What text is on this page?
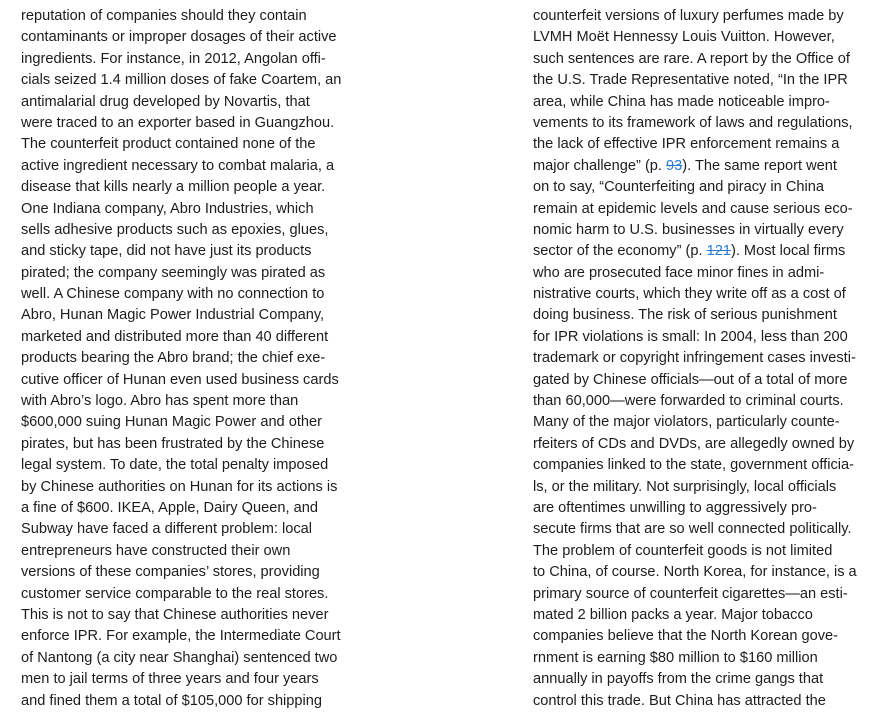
reputation of companies should they contain
contaminants or improper dosages of their active
ingredients. For instance, in 2012, Angolan offi-
cials seized 1.4 million doses of fake Coartem, an
antimalarial drug developed by Novartis, that
were traced to an exporter based in Guangzhou.
The counterfeit product contained none of the
active ingredient necessary to combat malaria, a
disease that kills nearly a million people a year.
One Indiana company, Abro Industries, which
sells adhesive products such as epoxies, glues,
and sticky tape, did not have just its products
pirated; the company seemingly was pirated as
well. A Chinese company with no connection to
Abro, Hunan Magic Power Industrial Company,
marketed and distributed more than 40 different
products bearing the Abro brand; the chief exe-
cutive officer of Hunan even used business cards
with Abro’s logo. Abro has spent more than
$600,000 suing Hunan Magic Power and other
pirates, but has been frustrated by the Chinese
legal system. To date, the total penalty imposed
by Chinese authorities on Hunan for its actions is
a fine of $600. IKEA, Apple, Dairy Queen, and
Subway have faced a different problem: local
entrepreneurs have constructed their own
versions of these companies’ stores, providing
customer service comparable to the real stores.
This is not to say that Chinese authorities never
enforce IPR. For example, the Intermediate Court
of Nantong (a city near Shanghai) sentenced two
men to jail terms of three years and four years
and fined them a total of $105,000 for shipping
counterfeit versions of luxury perfumes made by
LVMH Moët Hennessy Louis Vuitton. However,
such sentences are rare. A report by the Office of
the U.S. Trade Representative noted, “In the IPR
area, while China has made noticeable impro-
vements to its framework of laws and regulations,
the lack of effective IPR enforcement remains a
major challenge” (p. 93). The same report went
on to say, “Counterfeiting and piracy in China
remain at epidemic levels and cause serious eco-
nomic harm to U.S. businesses in virtually every
sector of the economy” (p. 121). Most local firms
who are prosecuted face minor fines in admi-
nistrative courts, which they write off as a cost of
doing business. The risk of serious punishment
for IPR violations is small: In 2004, less than 200
trademark or copyright infringement cases investi-
gated by Chinese officials—out of a total of more
than 60,000—were forwarded to criminal courts.
Many of the major violators, particularly counte-
rfeiters of CDs and DVDs, are allegedly owned by
companies linked to the state, government officia-
ls, or the military. Not surprisingly, local officials
are oftentimes unwilling to aggressively pro-
secute firms that are so well connected politically.
The problem of counterfeit goods is not limited
to China, of course. North Korea, for instance, is a
primary source of counterfeit cigarettes—an esti-
mated 2 billion packs a year. Major tobacco
companies believe that the North Korean gove-
rnment is earning $80 million to $160 million
annually in payoffs from the crime gangs that
control this trade. But China has attracted the
